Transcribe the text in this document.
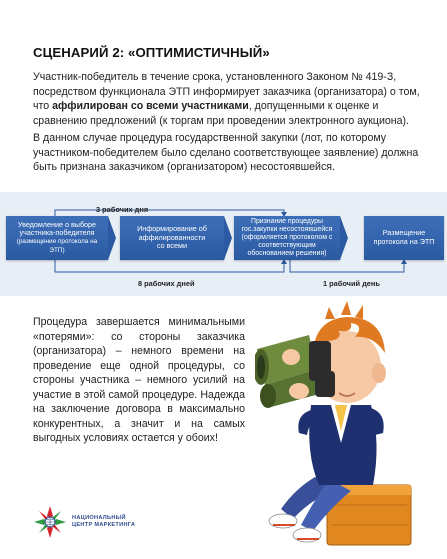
СЦЕНАРИЙ 2: «ОПТИМИСТИЧНЫЙ»
Участник-победитель в течение срока, установленного Законом № 419-З, посредством функционала ЭТП информирует заказчика (организатора) о том, что аффилирован со всеми участниками, допущенными к оценке и сравнению предложений (к торгам при проведении электронного аукциона).
В данном случае процедура государственной закупки (лот, по которому участником-победителем было сделано соответствующее заявление) должна быть признана заказчиком (организатором) несостоявшейся.
Уведомление о выборе
участника-победителя
(размещение протокола на ЭТП)
Информирование об
аффилированности
со всеми
Признание процедуры
гос.закупки несостоявшейся
(оформляется протоколом с
соответствующим
обоснованием решения)
Размещение
протокола на ЭТП
3 рабочих дня
8 рабочих дней	1 рабочий день
Процедура завершается минимальными «потерями»: со стороны заказчика (организатора) – немного времени на проведение еще одной процедуры, со стороны участника – немного усилий на участие в этой самой процедуре. Надежда на заключение договора в максимально конкурентных, а значит и на самых выгодных условиях остается у обоих!
НАЦИОНАЛЬНЫЙ
ЦЕНТР МАРКЕТИНГА
